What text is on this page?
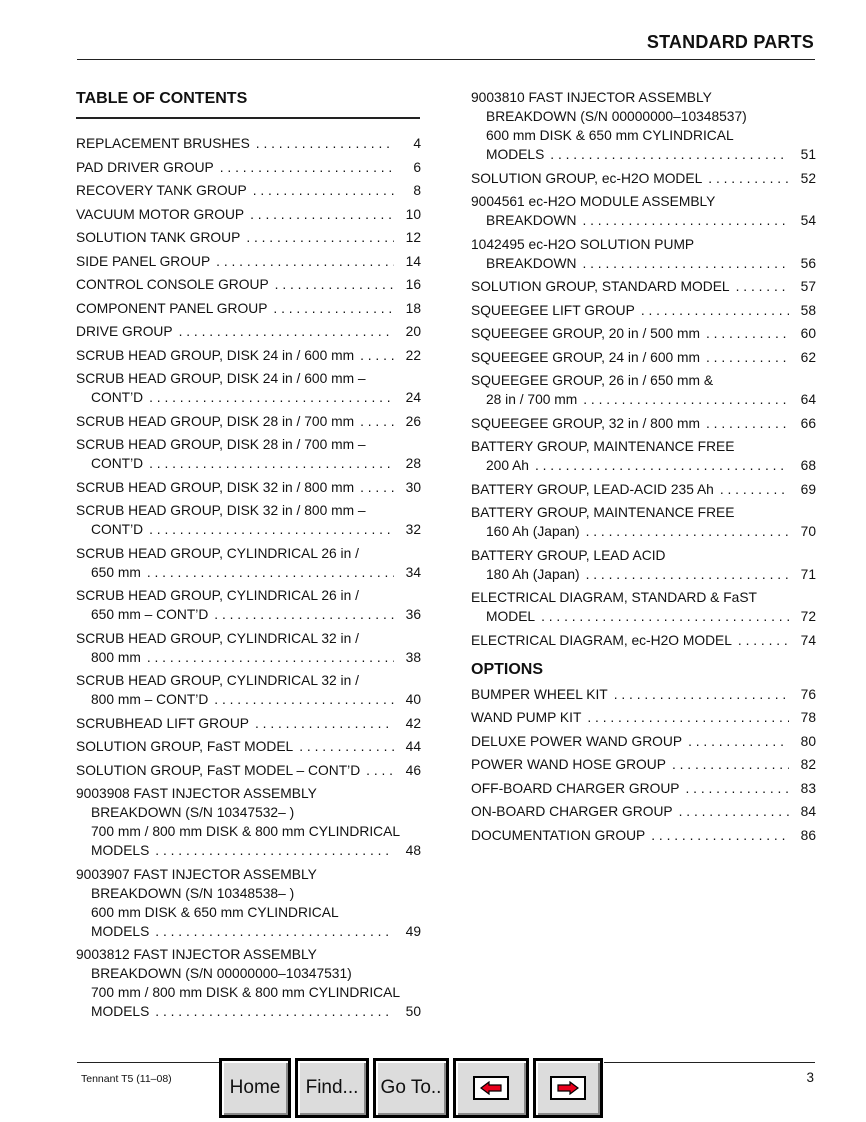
STANDARD PARTS
TABLE OF CONTENTS
REPLACEMENT BRUSHES . . .	4
PAD DRIVER GROUP . . .	6
RECOVERY TANK GROUP . . .	8
VACUUM MOTOR GROUP . . .	10
SOLUTION TANK GROUP . . .	12
SIDE PANEL GROUP . . .	14
CONTROL CONSOLE GROUP . . .	16
COMPONENT PANEL GROUP . . .	18
DRIVE GROUP . . .	20
SCRUB HEAD GROUP, DISK 24 in / 600 mm . . .	22
SCRUB HEAD GROUP, DISK 24 in / 600 mm –
CONT’D . . .	24
SCRUB HEAD GROUP, DISK 28 in / 700 mm . . .	26
SCRUB HEAD GROUP, DISK 28 in / 700 mm –
CONT’D . . .	28
SCRUB HEAD GROUP, DISK 32 in / 800 mm . . .	30
SCRUB HEAD GROUP, DISK 32 in / 800 mm –
CONT’D . . .	32
SCRUB HEAD GROUP, CYLINDRICAL 26 in /
650 mm . . .	34
SCRUB HEAD GROUP, CYLINDRICAL 26 in /
650 mm – CONT’D . . .	36
SCRUB HEAD GROUP, CYLINDRICAL 32 in /
800 mm . . .	38
SCRUB HEAD GROUP, CYLINDRICAL 32 in /
800 mm – CONT’D . . .	40
SCRUBHEAD LIFT GROUP . . .	42
SOLUTION GROUP, FaST MODEL . . .	44
SOLUTION GROUP, FaST MODEL – CONT’D . . .	46
9003908 FAST INJECTOR ASSEMBLY
BREAKDOWN (S/N 10347532– )
700 mm / 800 mm DISK & 800 mm CYLINDRICAL
MODELS . . .	48
9003907 FAST INJECTOR ASSEMBLY
BREAKDOWN (S/N 10348538– )
600 mm DISK & 650 mm CYLINDRICAL
MODELS . . .	49
9003812 FAST INJECTOR ASSEMBLY
BREAKDOWN (S/N 00000000–10347531)
700 mm / 800 mm DISK & 800 mm CYLINDRICAL
MODELS . . .	50
9003810 FAST INJECTOR ASSEMBLY
BREAKDOWN (S/N 00000000–10348537)
600 mm DISK & 650 mm CYLINDRICAL
MODELS . . .	51
SOLUTION GROUP, ec-H2O MODEL . . .	52
9004561 ec-H2O MODULE ASSEMBLY
BREAKDOWN . . .	54
1042495 ec-H2O SOLUTION PUMP
BREAKDOWN . . .	56
SOLUTION GROUP, STANDARD MODEL . . .	57
SQUEEGEE LIFT GROUP . . .	58
SQUEEGEE GROUP, 20 in / 500 mm . . .	60
SQUEEGEE GROUP, 24 in / 600 mm . . .	62
SQUEEGEE GROUP, 26 in / 650 mm &
28 in / 700 mm . . .	64
SQUEEGEE GROUP, 32 in / 800 mm . . .	66
BATTERY GROUP, MAINTENANCE FREE
200 Ah . . .	68
BATTERY GROUP, LEAD-ACID 235 Ah . . .	69
BATTERY GROUP, MAINTENANCE FREE
160 Ah (Japan) . . .	70
BATTERY GROUP, LEAD ACID
180 Ah (Japan) . . .	71
ELECTRICAL DIAGRAM, STANDARD & FaST
MODEL . . .	72
ELECTRICAL DIAGRAM, ec-H2O MODEL . . .	74
OPTIONS
BUMPER WHEEL KIT . . .	76
WAND PUMP KIT . . .	78
DELUXE POWER WAND GROUP . . .	80
POWER WAND HOSE GROUP . . .	82
OFF-BOARD CHARGER GROUP . . .	83
ON-BOARD CHARGER GROUP . . .	84
DOCUMENTATION GROUP . . .	86
Tennant T5 (11–08)	3
Home	Find...	Go To..
